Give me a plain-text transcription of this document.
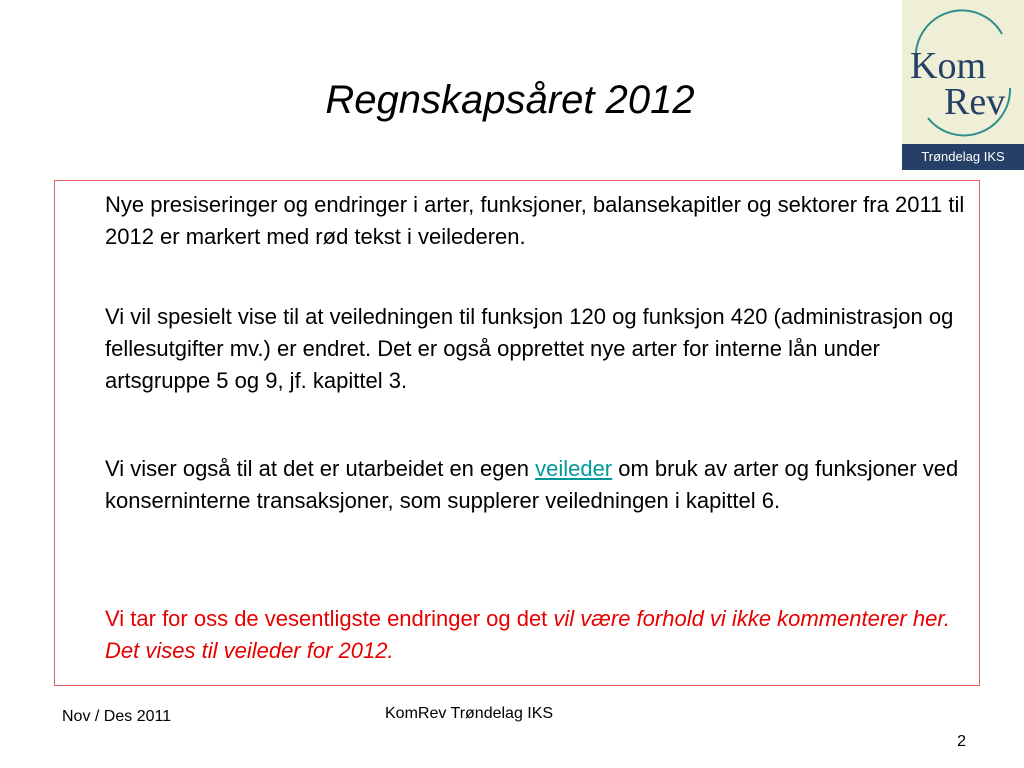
Regnskapsåret 2012
Kom
Rev
Trøndelag IKS

Nye presiseringer og endringer i arter, funksjoner, balansekapitler og sektorer fra 2011 til 2012 er markert med rød tekst i veilederen.

Vi vil spesielt vise til at veiledningen til funksjon 120 og funksjon 420 (administrasjon og fellesutgifter mv.) er endret. Det er også opprettet nye arter for interne lån under artsgruppe 5 og 9, jf. kapittel 3.

Vi viser også til at det er utarbeidet en egen veileder om bruk av arter og funksjoner ved konserninterne transaksjoner, som supplerer veiledningen i kapittel 6.

Vi tar for oss de vesentligste endringer og det vil være forhold vi ikke kommenterer her. Det vises til veileder for 2012.

Nov / Des 2011	KomRev Trøndelag IKS
2
